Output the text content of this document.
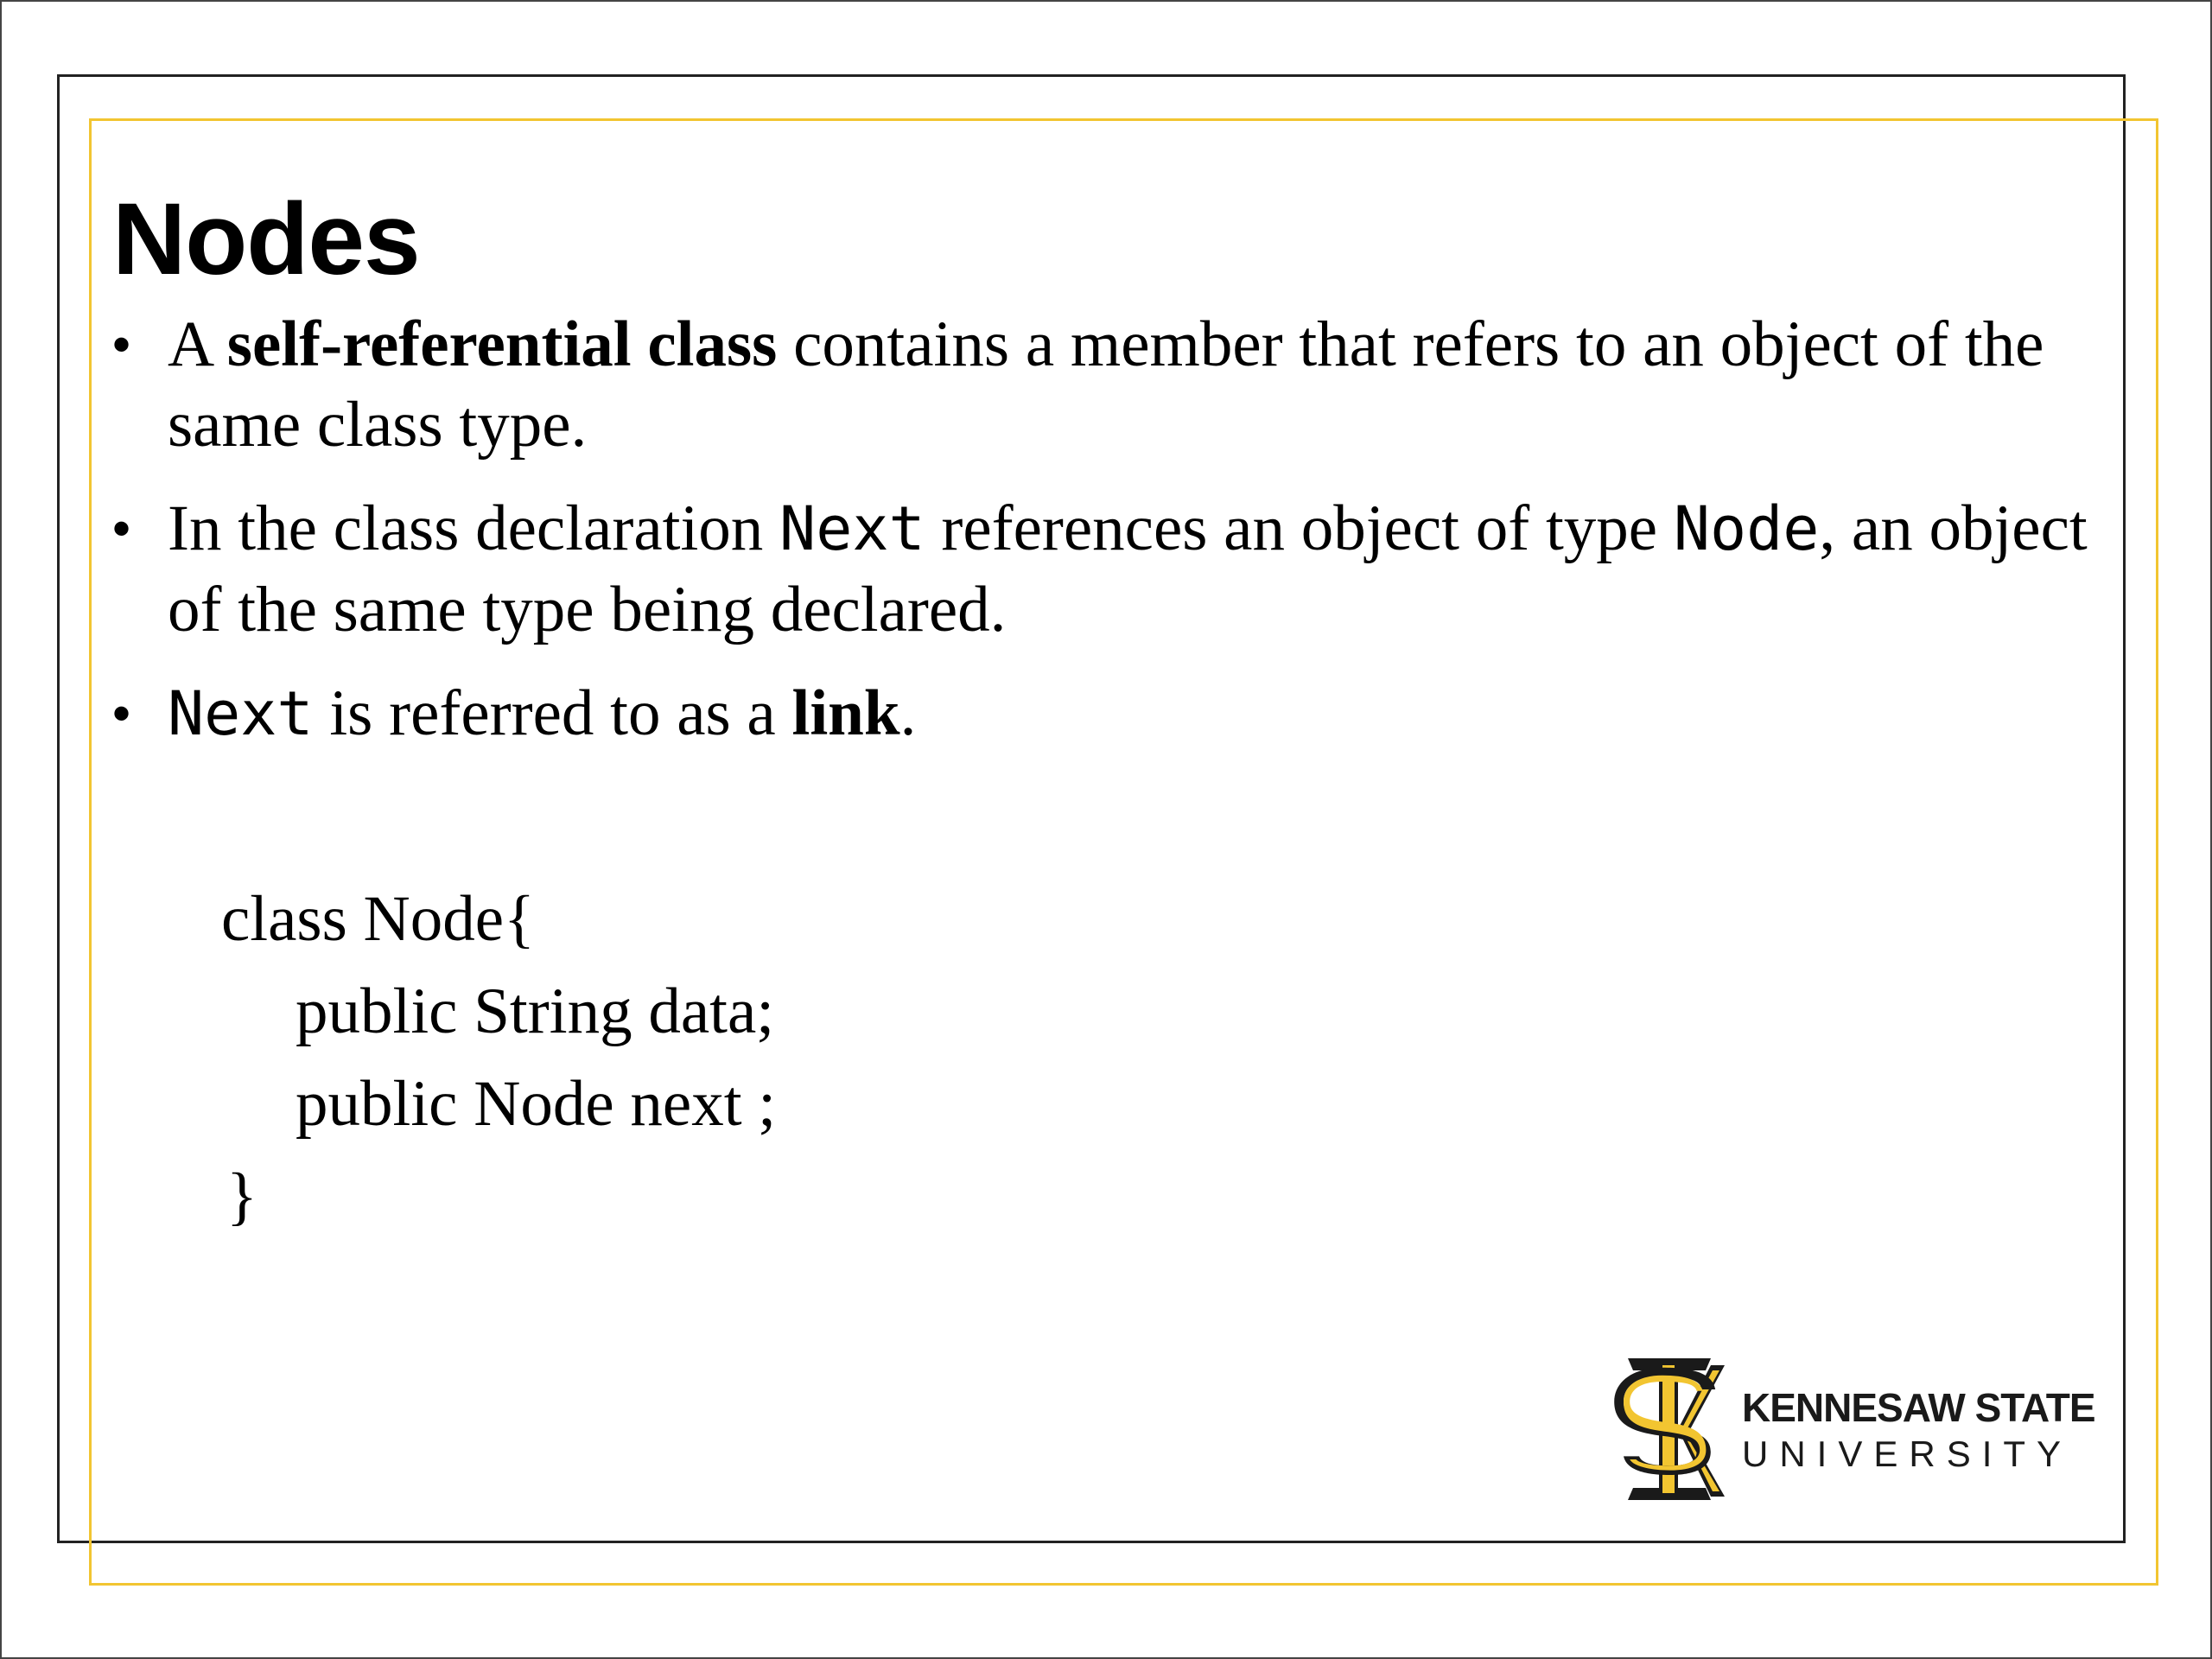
Nodes
• A self-referential class contains a member that refers to an object of the same class type.
• In the class declaration Next references an object of type Node, an object of the same type being declared.
• Next is referred to as a link.
class Node{
public String data;
public Node next ;
}
KENNESAW STATE
UNIVERSITY
